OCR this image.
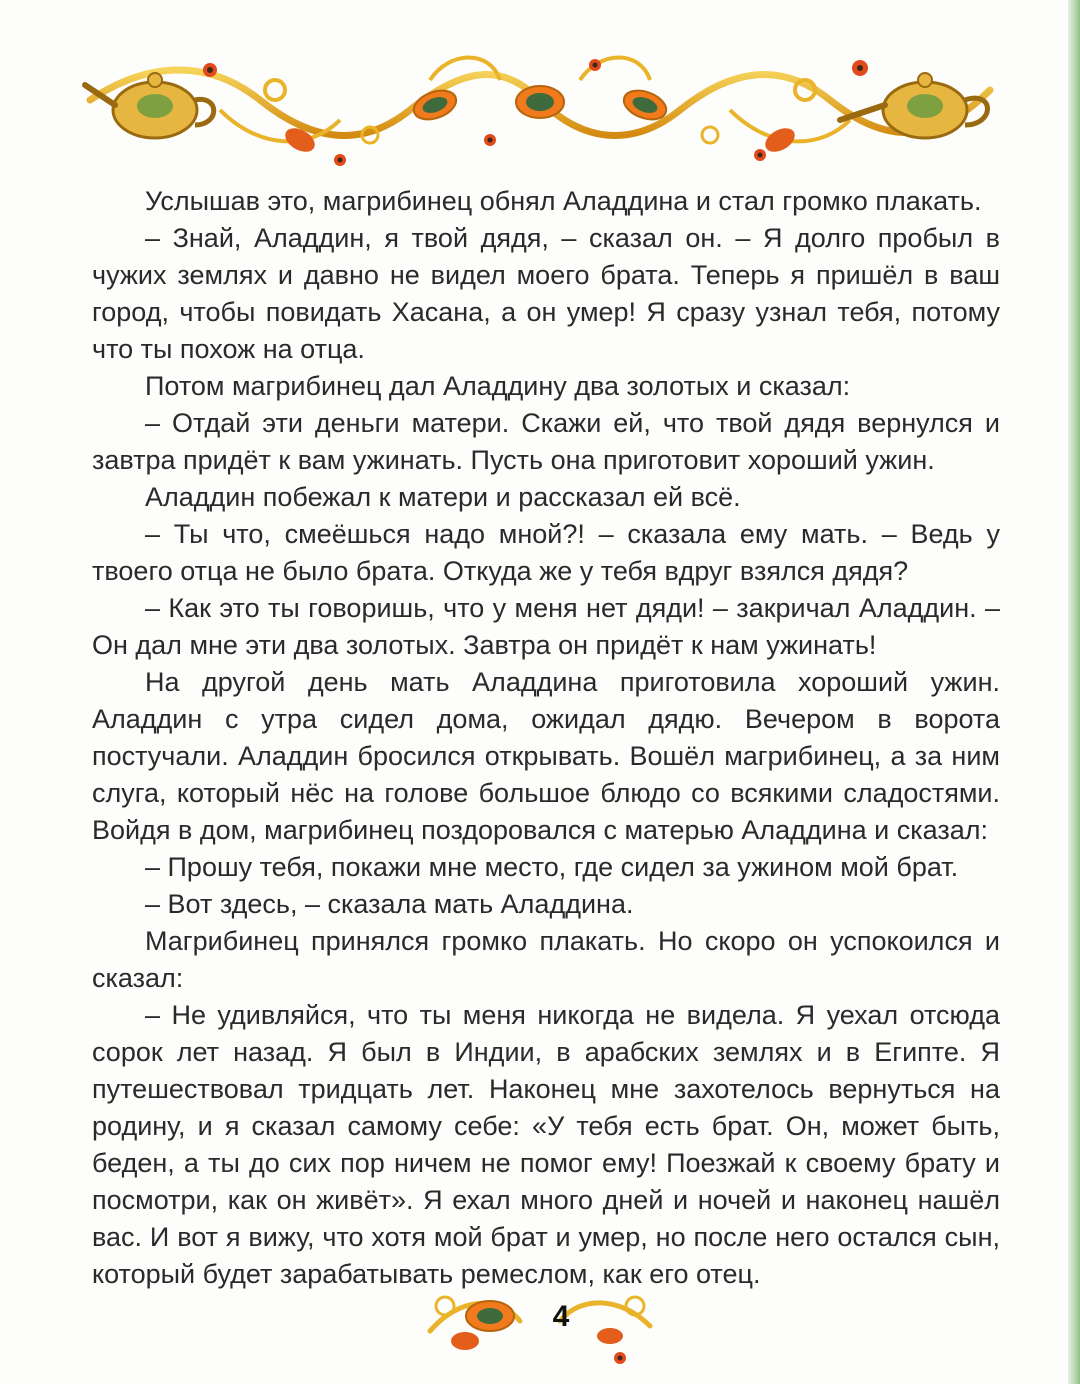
Услышав это, магрибинец обнял Аладдина и стал громко плакать.

– Знай, Аладдин, я твой дядя, – сказал он. – Я долго пробыл в чужих землях и давно не видел моего брата. Теперь я пришёл в ваш город, чтобы повидать Хасана, а он умер! Я сразу узнал тебя, потому что ты похож на отца.

Потом магрибинец дал Аладдину два золотых и сказал:

– Отдай эти деньги матери. Скажи ей, что твой дядя вернулся и завтра придёт к вам ужинать. Пусть она приготовит хороший ужин.

Аладдин побежал к матери и рассказал ей всё.

– Ты что, смеёшься надо мной?! – сказала ему мать. – Ведь у твоего отца не было брата. Откуда же у тебя вдруг взялся дядя?

– Как это ты говоришь, что у меня нет дяди! – закричал Аладдин. – Он дал мне эти два золотых. Завтра он придёт к нам ужинать!

На другой день мать Аладдина приготовила хороший ужин. Аладдин с утра сидел дома, ожидал дядю. Вечером в ворота постучали. Аладдин бросился открывать. Вошёл магрибинец, а за ним слуга, который нёс на голове большое блюдо со всякими сладостями. Войдя в дом, магрибинец поздоровался с матерью Аладдина и сказал:

– Прошу тебя, покажи мне место, где сидел за ужином мой брат.

– Вот здесь, – сказала мать Аладдина.

Магрибинец принялся громко плакать. Но скоро он успокоился и сказал:

– Не удивляйся, что ты меня никогда не видела. Я уехал отсюда сорок лет назад. Я был в Индии, в арабских землях и в Египте. Я путешествовал тридцать лет. Наконец мне захотелось вернуться на родину, и я сказал самому себе: «У тебя есть брат. Он, может быть, беден, а ты до сих пор ничем не помог ему! Поезжай к своему брату и посмотри, как он живёт». Я ехал много дней и ночей и наконец нашёл вас. И вот я вижу, что хотя мой брат и умер, но после него остался сын, который будет зарабатывать ремеслом, как его отец.

4
